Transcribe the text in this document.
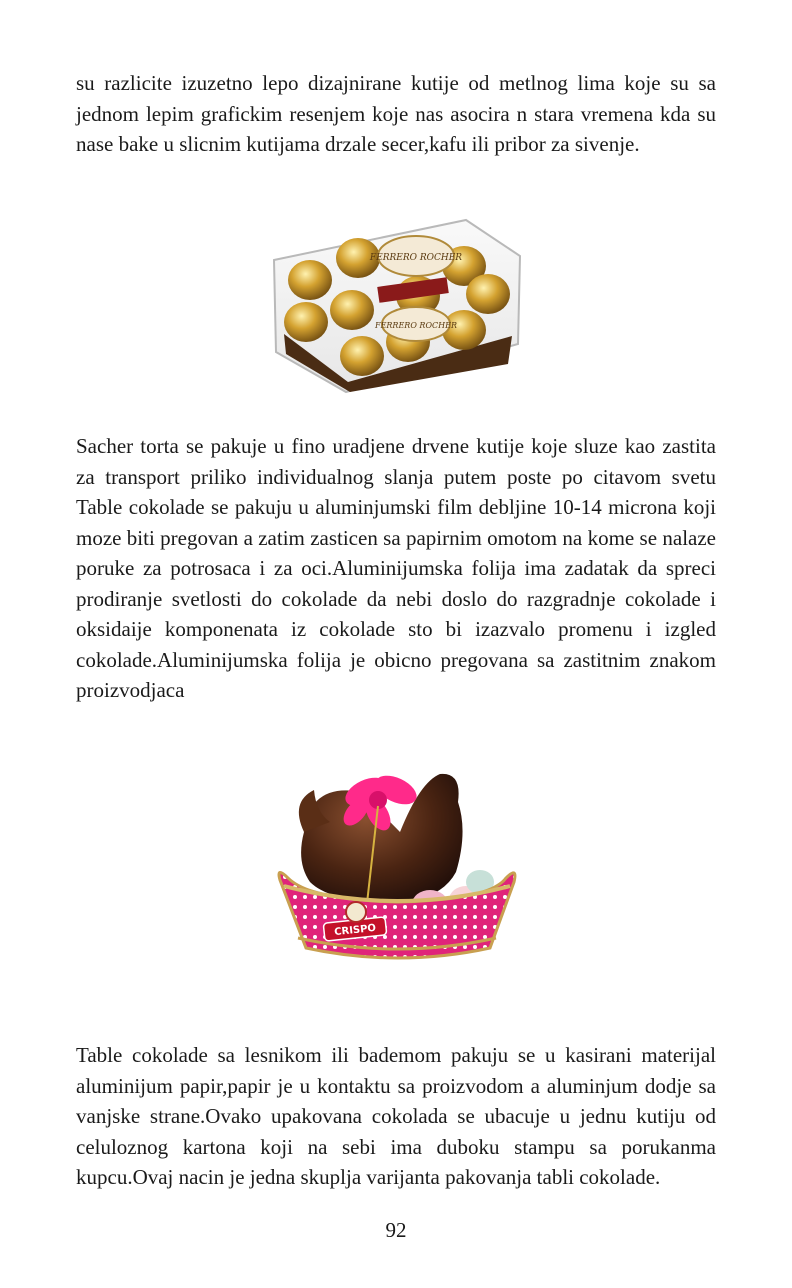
su razlicite izuzetno lepo dizajnirane kutije od metlnog lima koje su sa jednom lepim grafickim resenjem koje nas asocira n stara vremena kda su nase bake u slicnim kutijama drzale secer,kafu ili pribor za sivenje.

FERRERO ROCHER
FERRERO ROCHER

Sacher torta se pakuje u fino uradjene drvene kutije koje sluze kao zastita za transport priliko individualnog slanja putem poste po citavom svetu Table cokolade se pakuju u aluminjumski film debljine 10-14 microna koji moze biti pregovan a zatim zasticen sa papirnim omotom na kome se nalaze poruke za potrosaca i za oci.Aluminijumska folija ima zadatak da spreci prodiranje svetlosti do cokolade da nebi doslo do razgradnje cokolade i oksidaije komponenata iz cokolade sto bi izazvalo promenu i izgled cokolade.Aluminijumska folija je obicno pregovana sa zastitnim znakom proizvodjaca

CRISPO

Table cokolade sa lesnikom ili bademom pakuju se u kasirani materijal aluminijum papir,papir je u kontaktu sa proizvodom a aluminjum dodje sa vanjske strane.Ovako upakovana cokolada se ubacuje u jednu kutiju od celuloznog kartona koji na sebi ima duboku stampu sa porukanma kupcu.Ovaj nacin je jedna skuplja varijanta pakovanja tabli cokolade.

92
